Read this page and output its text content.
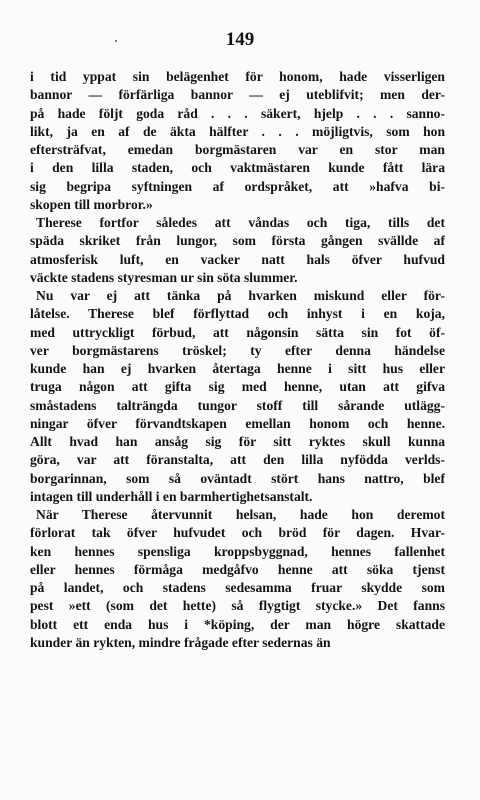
149
i tid yppat sin belägenhet för honom, hade visserligen
bannor — förfärliga bannor — ej uteblifvit; men der-
på hade följt goda råd . . . säkert, hjelp . . . sanno-
likt, ja en af de äkta hälfter . . . möjligtvis, som hon
eftersträfvat, emedan borgmästaren var en stor man
i den lilla staden, och vaktmästaren kunde fått lära
sig begripa syftningen af ordspråket, att »hafva bi-
skopen till morbror.»
Therese fortfor således att våndas och tiga, tills det
späda skriket från lungor, som första gången svällde af
atmosferisk luft, en vacker natt hals öfver hufvud
väckte stadens styresman ur sin söta slummer.
Nu var ej att tänka på hvarken miskund eller för-
låtelse. Therese blef förflyttad och inhyst i en koja,
med uttryckligt förbud, att någonsin sätta sin fot öf-
ver borgmästarens tröskel; ty efter denna händelse
kunde han ej hvarken återtaga henne i sitt hus eller
truga någon att gifta sig med henne, utan att gifva
småstadens talträngda tungor stoff till sårande utlägg-
ningar öfver förvandtskapen emellan honom och henne.
Allt hvad han ansåg sig för sitt ryktes skull kunna
göra, var att föranstalta, att den lilla nyfödda verlds-
borgarinnan, som så oväntadt stört hans nattro, blef
intagen till underhåll i en barmhertighetsanstalt.
När Therese återvunnit helsan, hade hon deremot
förlorat tak öfver hufvudet och bröd för dagen. Hvar-
ken hennes spensliga kroppsbyggnad, hennes fallenhet
eller hennes förmåga medgåfvo henne att söka tjenst
på landet, och stadens sedesamma fruar skydde som
pest »ett (som det hette) så flygtigt stycke.» Det fanns
blott ett enda hus i *köping, der man högre skattade
kunder än rykten, mindre frågade efter sedernas än
